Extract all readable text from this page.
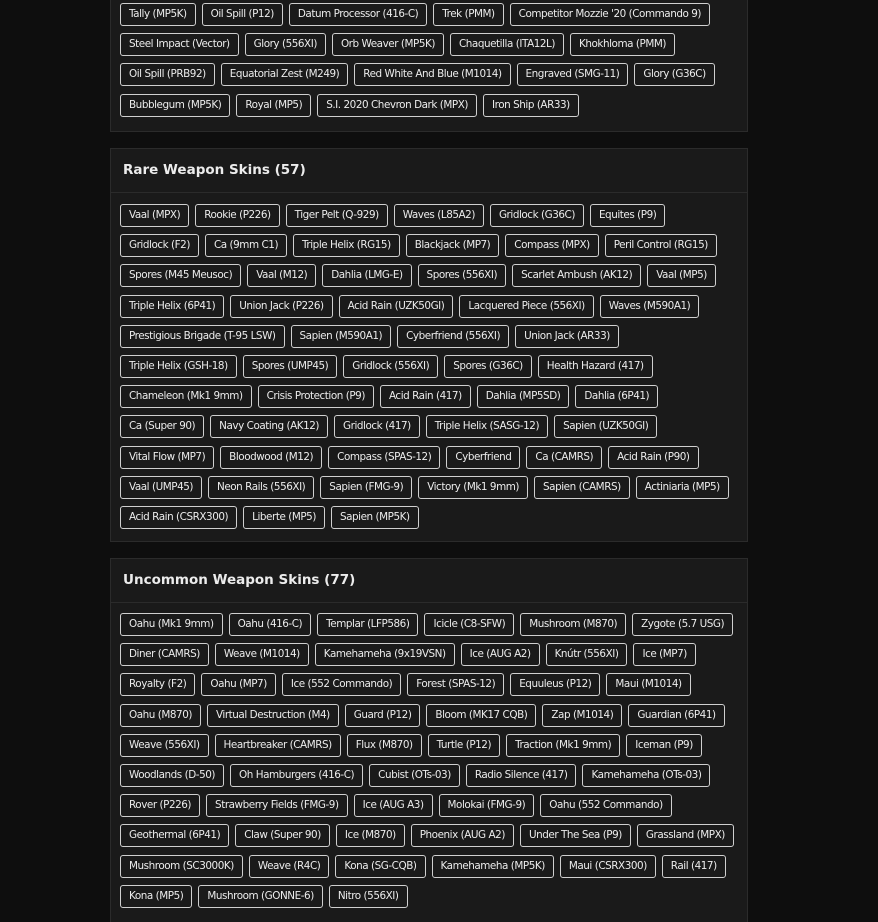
Tally (MP5K)	Oil Spill (P12)	Datum Processor (416-C)	Trek (PMM)	Competitor Mozzie '20 (Commando 9)
Steel Impact (Vector)	Glory (556XI)	Orb Weaver (MP5K)	Chaquetilla (ITA12L)	Khokhloma (PMM)
Oil Spill (PRB92)	Equatorial Zest (M249)	Red White And Blue (M1014)	Engraved (SMG-11)	Glory (G36C)
Bubblegum (MP5K)	Royal (MP5)	S.I. 2020 Chevron Dark (MPX)	Iron Ship (AR33)
Rare Weapon Skins (57)
Vaal (MPX)	Rookie (P226)	Tiger Pelt (Q-929)	Waves (L85A2)	Gridlock (G36C)	Equites (P9)
Gridlock (F2)	Ca (9mm C1)	Triple Helix (RG15)	Blackjack (MP7)	Compass (MPX)	Peril Control (RG15)
Spores (M45 Meusoc)	Vaal (M12)	Dahlia (LMG-E)	Spores (556XI)	Scarlet Ambush (AK12)	Vaal (MP5)
Triple Helix (6P41)	Union Jack (P226)	Acid Rain (UZK50GI)	Lacquered Piece (556XI)	Waves (M590A1)
Prestigious Brigade (T-95 LSW)	Sapien (M590A1)	Cyberfriend (556XI)	Union Jack (AR33)
Triple Helix (GSH-18)	Spores (UMP45)	Gridlock (556XI)	Spores (G36C)	Health Hazard (417)
Chameleon (Mk1 9mm)	Crisis Protection (P9)	Acid Rain (417)	Dahlia (MP5SD)	Dahlia (6P41)
Ca (Super 90)	Navy Coating (AK12)	Gridlock (417)	Triple Helix (SASG-12)	Sapien (UZK50GI)
Vital Flow (MP7)	Bloodwood (M12)	Compass (SPAS-12)	Cyberfriend	Ca (CAMRS)	Acid Rain (P90)
Vaal (UMP45)	Neon Rails (556XI)	Sapien (FMG-9)	Victory (Mk1 9mm)	Sapien (CAMRS)	Actiniaria (MP5)
Acid Rain (CSRX300)	Liberte (MP5)	Sapien (MP5K)
Uncommon Weapon Skins (77)
Oahu (Mk1 9mm)	Oahu (416-C)	Templar (LFP586)	Icicle (C8-SFW)	Mushroom (M870)	Zygote (5.7 USG)
Diner (CAMRS)	Weave (M1014)	Kamehameha (9x19VSN)	Ice (AUG A2)	Knútr (556XI)	Ice (MP7)
Royalty (F2)	Oahu (MP7)	Ice (552 Commando)	Forest (SPAS-12)	Equuleus (P12)	Maui (M1014)
Oahu (M870)	Virtual Destruction (M4)	Guard (P12)	Bloom (MK17 CQB)	Zap (M1014)	Guardian (6P41)
Weave (556XI)	Heartbreaker (CAMRS)	Flux (M870)	Turtle (P12)	Traction (Mk1 9mm)	Iceman (P9)
Woodlands (D-50)	Oh Hamburgers (416-C)	Cubist (OTs-03)	Radio Silence (417)	Kamehameha (OTs-03)
Rover (P226)	Strawberry Fields (FMG-9)	Ice (AUG A3)	Molokai (FMG-9)	Oahu (552 Commando)
Geothermal (6P41)	Claw (Super 90)	Ice (M870)	Phoenix (AUG A2)	Under The Sea (P9)	Grassland (MPX)
Mushroom (SC3000K)	Weave (R4C)	Kona (SG-CQB)	Kamehameha (MP5K)	Maui (CSRX300)	Rail (417)
Kona (MP5)	Mushroom (GONNE-6)	Nitro (556XI)
